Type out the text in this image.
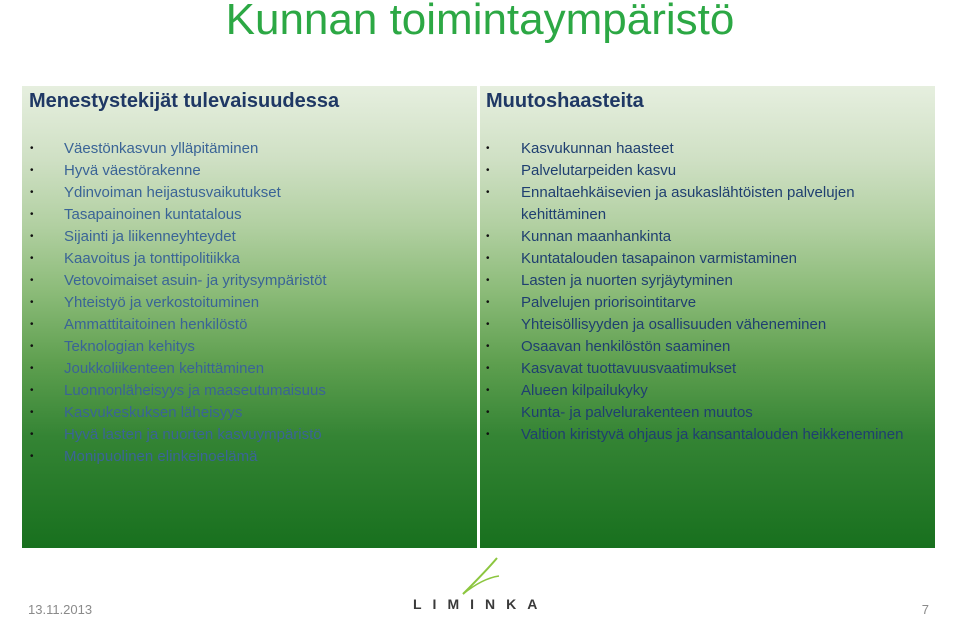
Kunnan toimintaympäristö
Menestystekijät tulevaisuudessa
• Väestönkasvun ylläpitäminen
• Hyvä väestörakenne
• Ydinvoiman heijastusvaikutukset
• Tasapainoinen kuntatalous
• Sijainti ja liikenneyhteydet
• Kaavoitus ja tonttipolitiikka
• Vetovoimaiset asuin- ja yritysympäristöt
• Yhteistyö ja verkostoituminen
• Ammattitaitoinen henkilöstö
• Teknologian kehitys
• Joukkoliikenteen kehittäminen
• Luonnonläheisyys ja maaseutumaisuus
• Kasvukeskuksen läheisyys
• Hyvä lasten ja nuorten kasvuympäristö
• Monipuolinen elinkeinoelämä
Muutoshaasteita
• Kasvukunnan haasteet
• Palvelutarpeiden kasvu
• Ennaltaehkäisevien ja asukaslähtöisten palvelujen kehittäminen
• Kunnan maanhankinta
• Kuntatalouden tasapainon varmistaminen
• Lasten ja nuorten syrjäytyminen
• Palvelujen priorisointitarve
• Yhteisöllisyyden ja osallisuuden väheneminen
• Osaavan henkilöstön saaminen
• Kasvavat tuottavuusvaatimukset
• Alueen kilpailukyky
• Kunta- ja palvelurakenteen muutos
• Valtion kiristyvä ohjaus ja kansantalouden heikkeneminen
13.11.2013	LIMINKA	7
